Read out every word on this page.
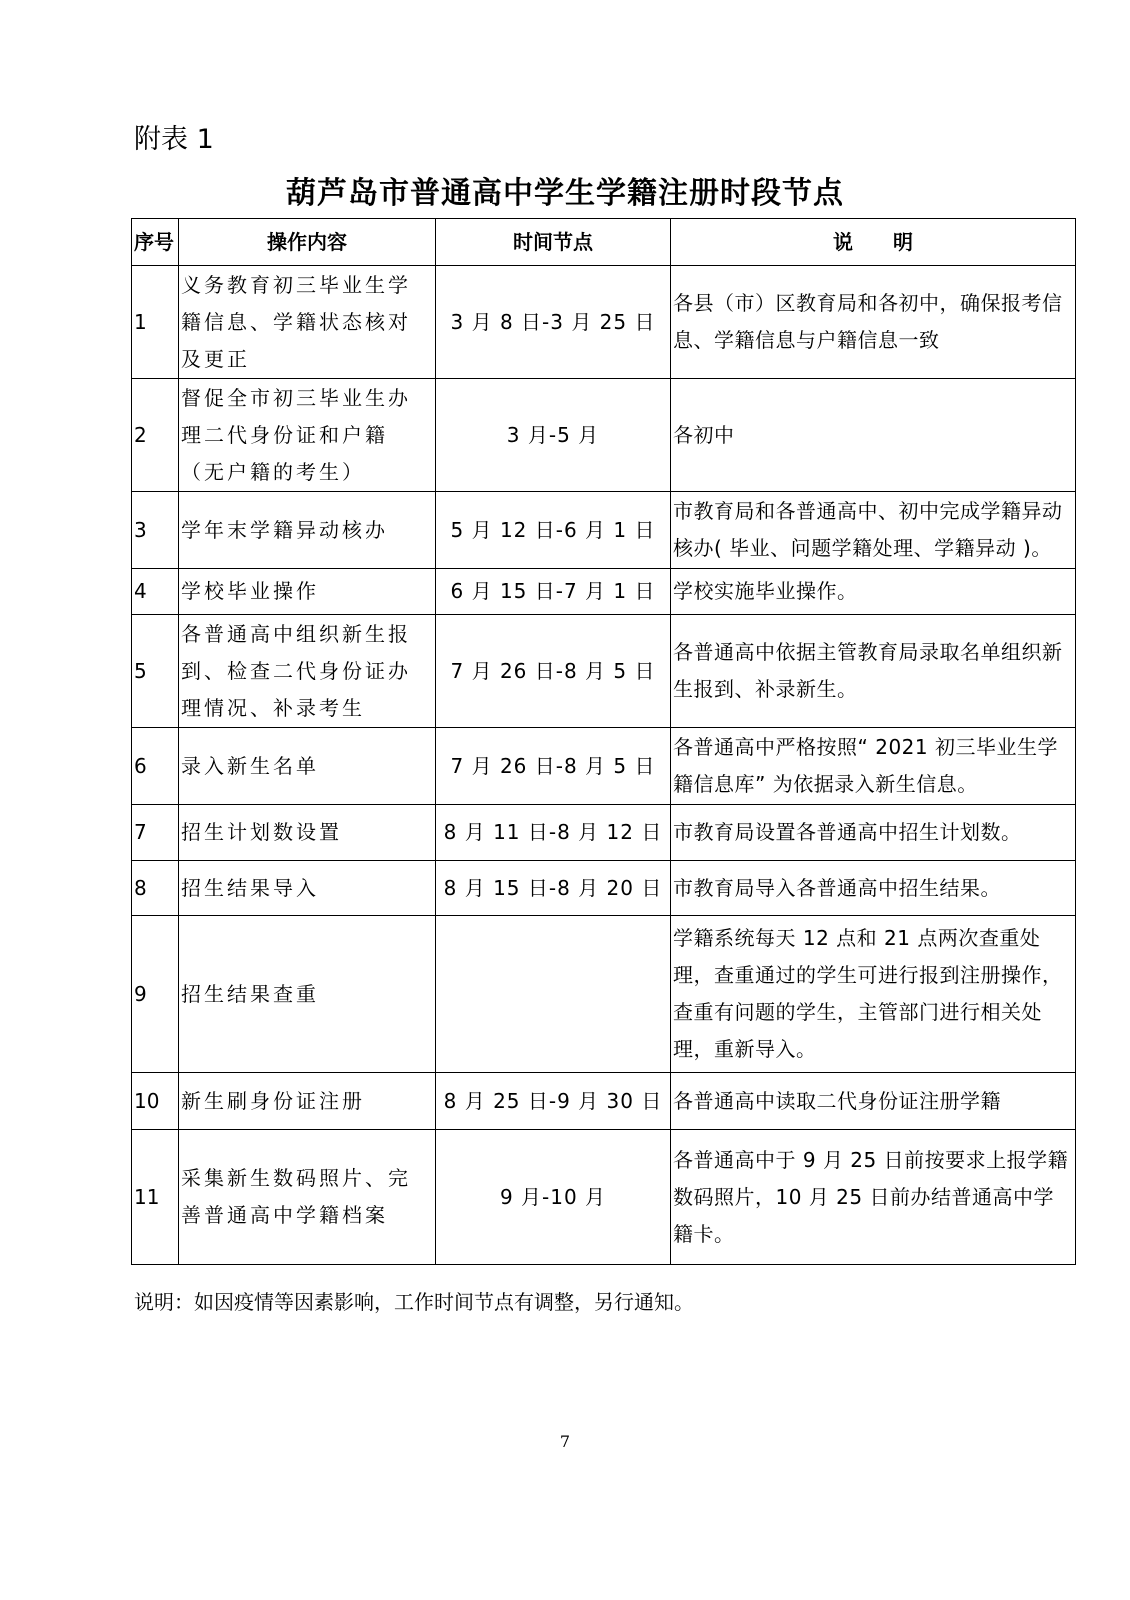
附表 1
葫芦岛市普通高中学生学籍注册时段节点
序号	操作内容	时间节点	说　　明
1	义务教育初三毕业生学籍信息、学籍状态核对及更正	3 月 8 日-3 月 25 日	各县（市）区教育局和各初中，确保报考信息、学籍信息与户籍信息一致
2	督促全市初三毕业生办理二代身份证和户籍（无户籍的考生）	3 月-5 月	各初中
3	学年末学籍异动核办	5 月 12 日-6 月 1 日	市教育局和各普通高中、初中完成学籍异动核办( 毕业、问题学籍处理、学籍异动 )。
4	学校毕业操作	6 月 15 日-7 月 1 日	学校实施毕业操作。
5	各普通高中组织新生报到、检查二代身份证办理情况、补录考生	7 月 26 日-8 月 5 日	各普通高中依据主管教育局录取名单组织新生报到、补录新生。
6	录入新生名单	7 月 26 日-8 月 5 日	各普通高中严格按照“ 2021 初三毕业生学籍信息库” 为依据录入新生信息。
7	招生计划数设置	8 月 11 日-8 月 12 日	市教育局设置各普通高中招生计划数。
8	招生结果导入	8 月 15 日-8 月 20 日	市教育局导入各普通高中招生结果。
9	招生结果查重		学籍系统每天 12 点和 21 点两次查重处理，查重通过的学生可进行报到注册操作，查重有问题的学生，主管部门进行相关处理，重新导入。
10	新生刷身份证注册	8 月 25 日-9 月 30 日	各普通高中读取二代身份证注册学籍
11	采集新生数码照片、完善普通高中学籍档案	9 月-10 月	各普通高中于 9 月 25 日前按要求上报学籍数码照片，10 月 25 日前办结普通高中学籍卡。
说明：如因疫情等因素影响，工作时间节点有调整，另行通知。
7
